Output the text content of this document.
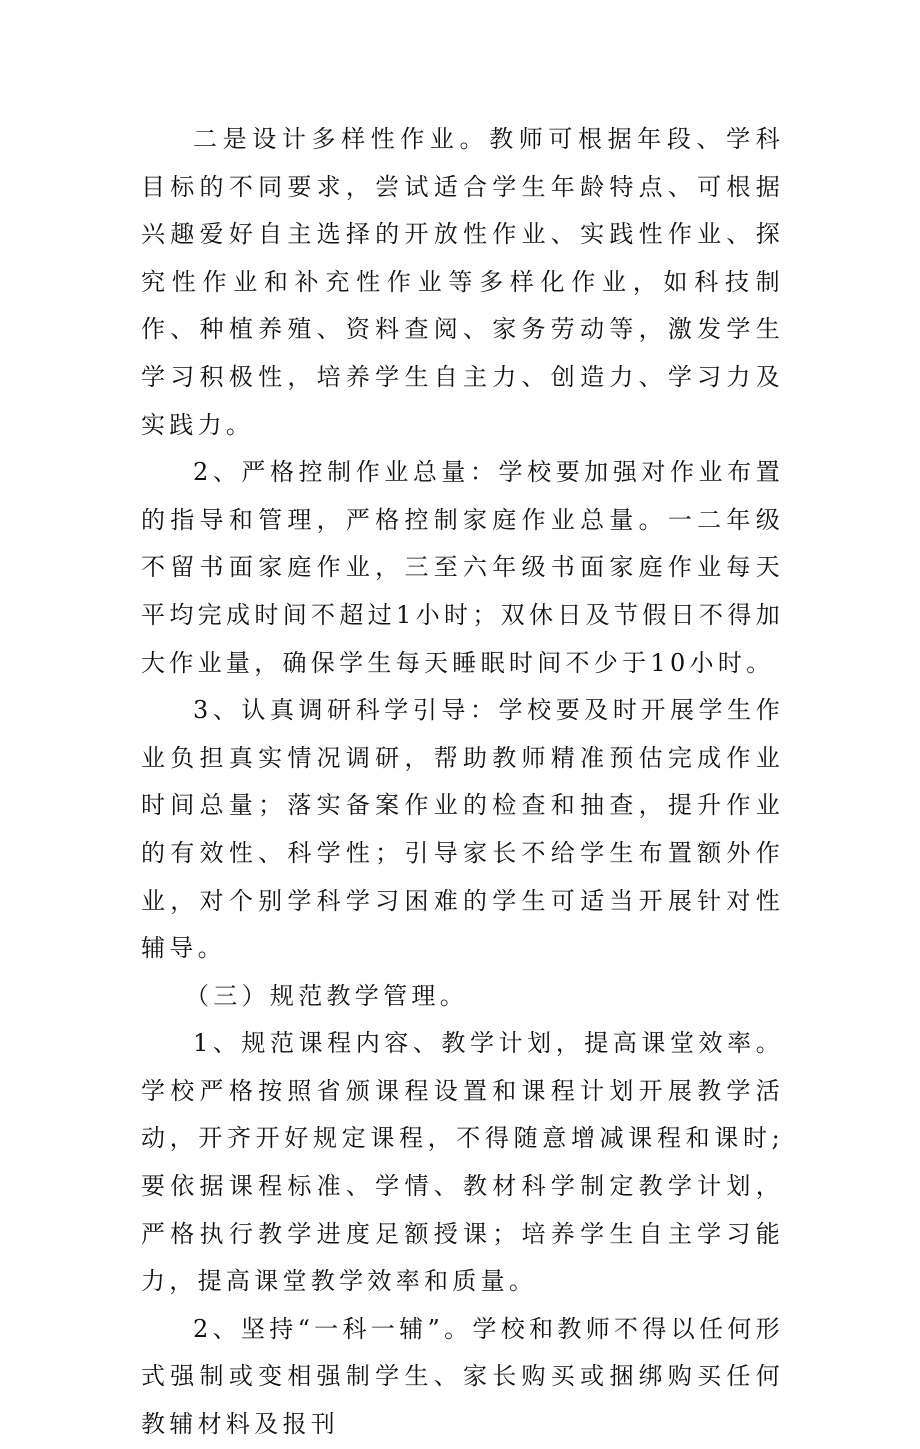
二是设计多样性作业。教师可根据年段、学科目标的不同要求，尝试适合学生年龄特点、可根据兴趣爱好自主选择的开放性作业、实践性作业、探究性作业和补充性作业等多样化作业，如科技制作、种植养殖、资料查阅、家务劳动等，激发学生学习积极性，培养学生自主力、创造力、学习力及实践力。

2、严格控制作业总量：学校要加强对作业布置的指导和管理，严格控制家庭作业总量。一二年级不留书面家庭作业，三至六年级书面家庭作业每天平均完成时间不超过1小时；双休日及节假日不得加大作业量，确保学生每天睡眠时间不少于10小时。

3、认真调研科学引导：学校要及时开展学生作业负担真实情况调研，帮助教师精准预估完成作业时间总量；落实备案作业的检查和抽查，提升作业的有效性、科学性；引导家长不给学生布置额外作业，对个别学科学习困难的学生可适当开展针对性辅导。

（三）规范教学管理。

1、规范课程内容、教学计划，提高课堂效率。学校严格按照省颁课程设置和课程计划开展教学活动，开齐开好规定课程，不得随意增减课程和课时;要依据课程标准、学情、教材科学制定教学计划，严格执行教学进度足额授课；培养学生自主学习能力，提高课堂教学效率和质量。

2、坚持“一科一辅”。学校和教师不得以任何形式强制或变相强制学生、家长购买或捆绑购买任何教辅材料及报刊
